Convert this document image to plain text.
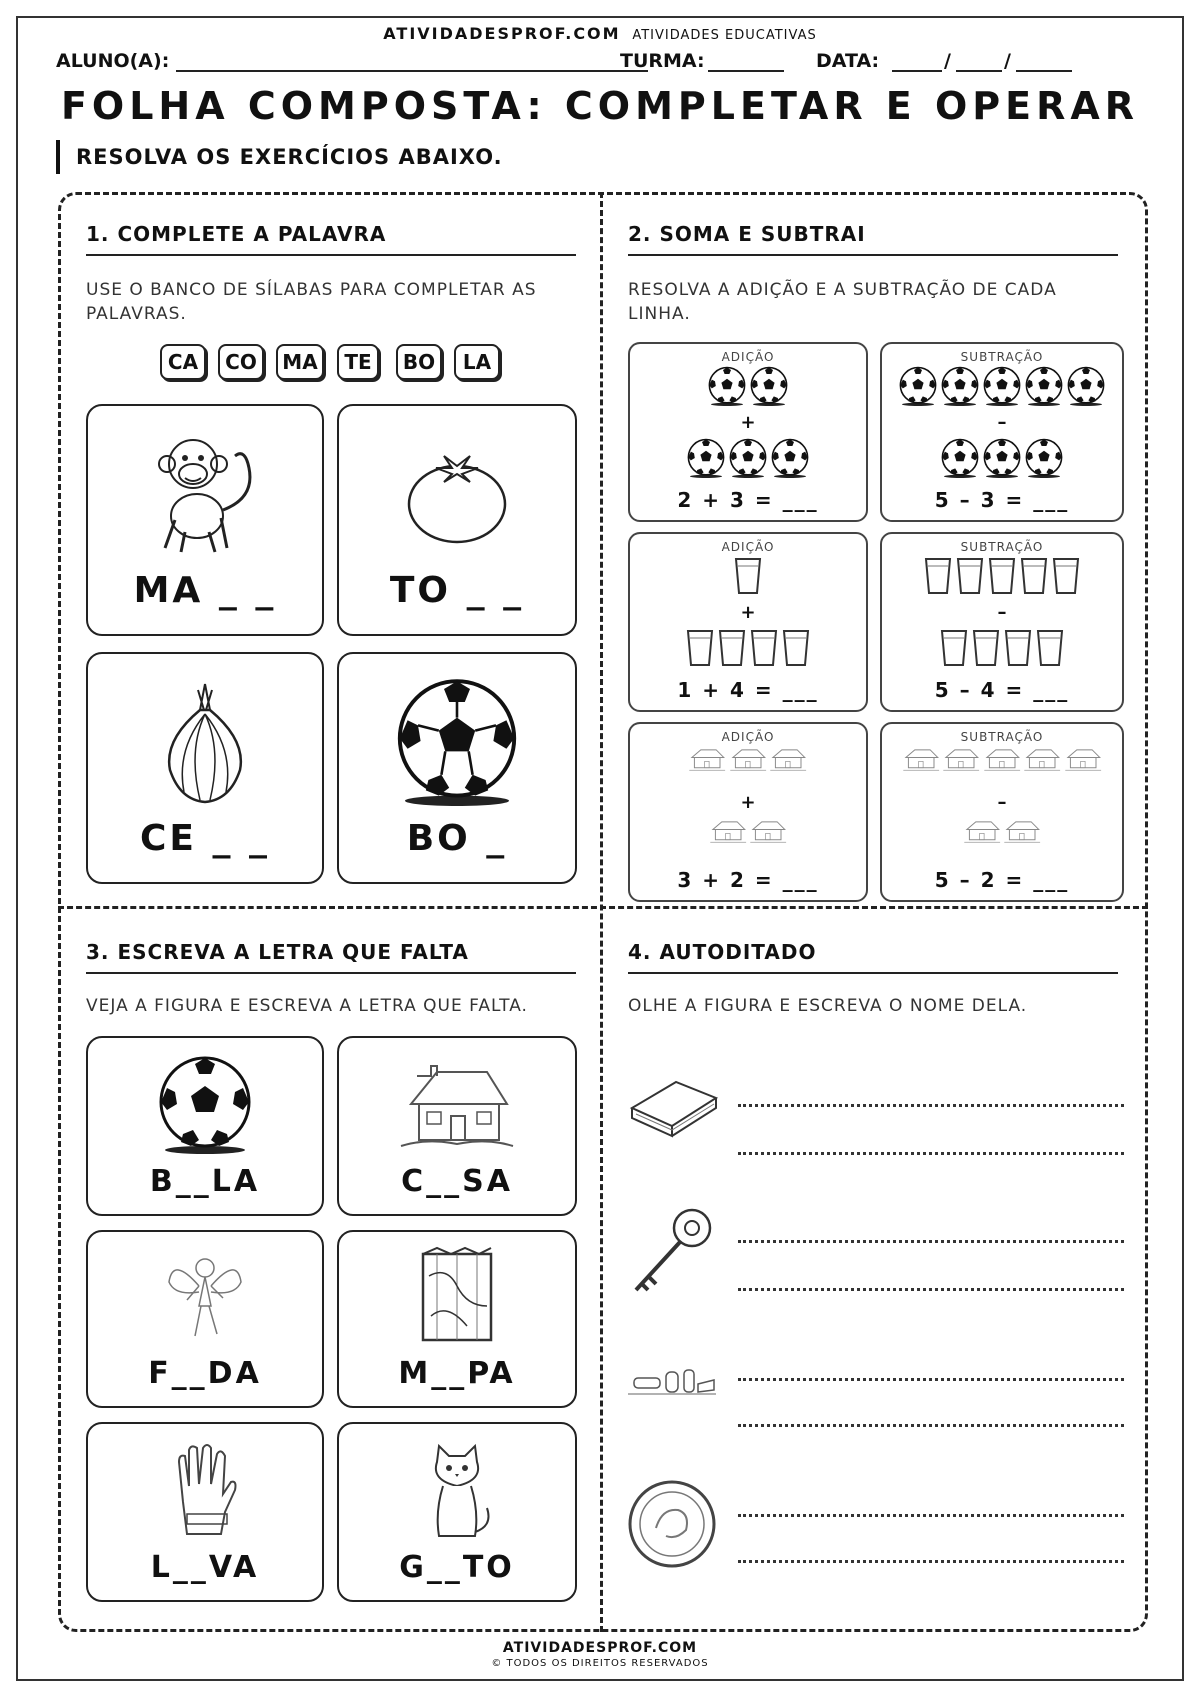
ATIVIDADESPROF.COM ATIVIDADES EDUCATIVAS
ALUNO(A):	TURMA:	DATA:	/	/
FOLHA COMPOSTA: COMPLETAR E OPERAR
RESOLVA OS EXERCÍCIOS ABAIXO.
1. COMPLETE A PALAVRA
USE O BANCO DE SÍLABAS PARA COMPLETAR AS PALAVRAS.
CA	CO	MA	TE	BO	LA
MA _ _	TO _ _
CE _ _	BO _
2. SOMA E SUBTRAI
RESOLVA A ADIÇÃO E A SUBTRAÇÃO DE CADA LINHA.
ADIÇÃO
+
2 + 3 = ___
SUBTRAÇÃO
–
5 – 3 = ___
ADIÇÃO
+
1 + 4 = ___
SUBTRAÇÃO
–
5 – 4 = ___
ADIÇÃO
+
3 + 2 = ___
SUBTRAÇÃO
–
5 – 2 = ___
3. ESCREVA A LETRA QUE FALTA
VEJA A FIGURA E ESCREVA A LETRA QUE FALTA.
B__LA	C__SA
F__DA	M__PA
L__VA	G__TO
4. AUTODITADO
OLHE A FIGURA E ESCREVA O NOME DELA.
ATIVIDADESPROF.COM
© TODOS OS DIREITOS RESERVADOS
